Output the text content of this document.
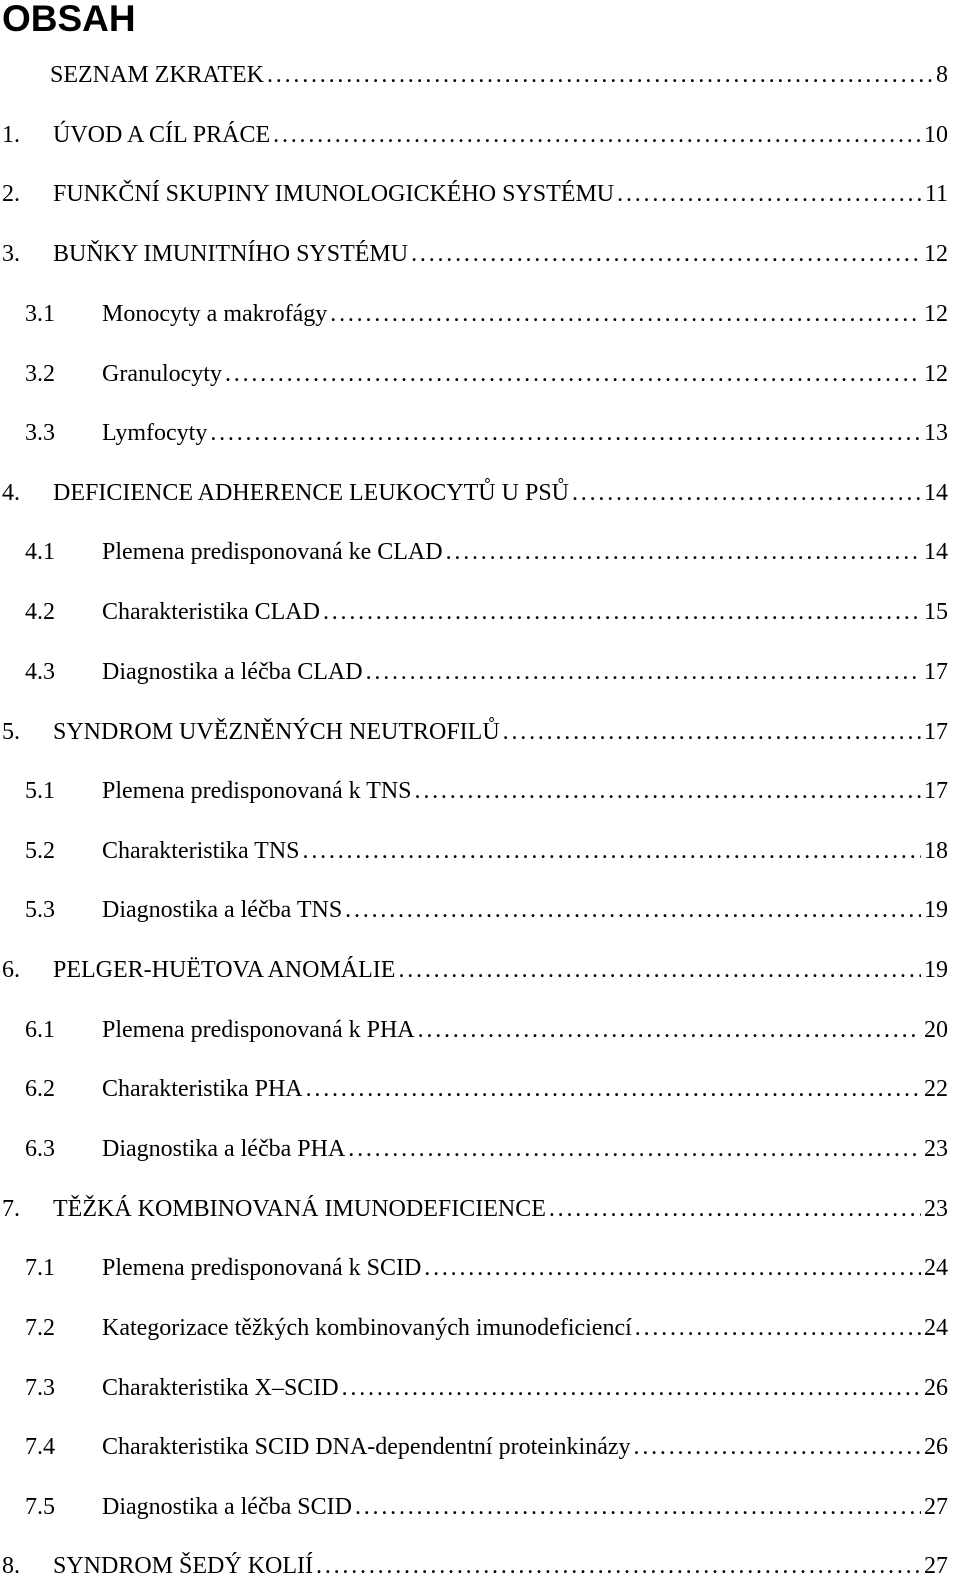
OBSAH
SEZNAM ZKRATEK . . .	8
1.	ÚVOD A CÍL PRÁCE . . .	10
2.	FUNKČNÍ SKUPINY IMUNOLOGICKÉHO SYSTÉMU . . .	11
3.	BUŇKY IMUNITNÍHO SYSTÉMU . . .	12
3.1	Monocyty a makrofágy . . .	12
3.2	Granulocyty . . .	12
3.3	Lymfocyty . . .	13
4.	DEFICIENCE ADHERENCE LEUKOCYTŮ U PSŮ . . .	14
4.1	Plemena predisponovaná ke CLAD . . .	14
4.2	Charakteristika CLAD . . .	15
4.3	Diagnostika a léčba CLAD . . .	17
5.	SYNDROM UVĚZNĚNÝCH NEUTROFILŮ . . .	17
5.1	Plemena predisponovaná k TNS . . .	17
5.2	Charakteristika TNS . . .	18
5.3	Diagnostika a léčba TNS . . .	19
6.	PELGER-HUËTOVA ANOMÁLIE . . .	19
6.1	Plemena predisponovaná k PHA . . .	20
6.2	Charakteristika PHA . . .	22
6.3	Diagnostika a léčba PHA . . .	23
7.	TĚŽKÁ KOMBINOVANÁ IMUNODEFICIENCE . . .	23
7.1	Plemena predisponovaná k SCID . . .	24
7.2	Kategorizace těžkých kombinovaných imunodeficiencí . . .	24
7.3	Charakteristika X–SCID . . .	26
7.4	Charakteristika SCID DNA-dependentní proteinkinázy . . .	26
7.5	Diagnostika a léčba SCID . . .	27
8.	SYNDROM ŠEDÝ KOLIÍ . . .	27
